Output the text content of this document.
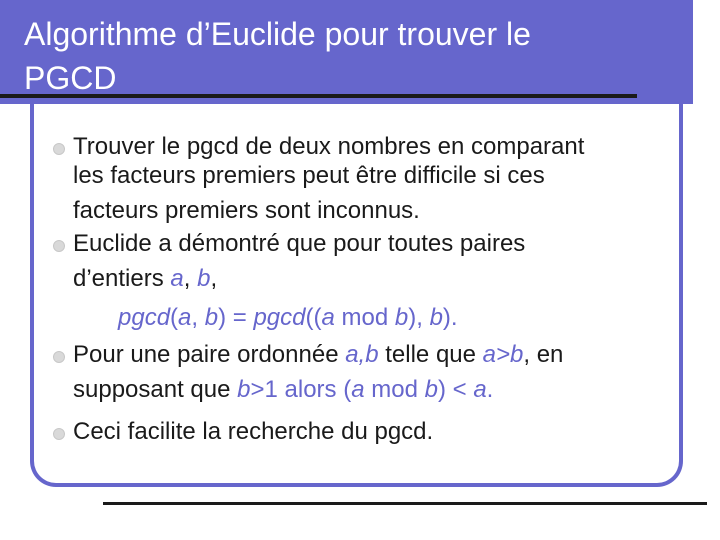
Algorithme d’Euclide pour trouver le
PGCD
Trouver le pgcd de deux nombres en comparant
les facteurs premiers peut être difficile si ces
facteurs premiers sont inconnus.
Euclide a démontré que pour toutes paires
d’entiers a, b,
pgcd(a, b) = pgcd((a mod b), b).
Pour une paire ordonnée a,b telle que a>b, en
supposant que b>1 alors (a mod b) < a.
Ceci facilite la recherche du pgcd.
